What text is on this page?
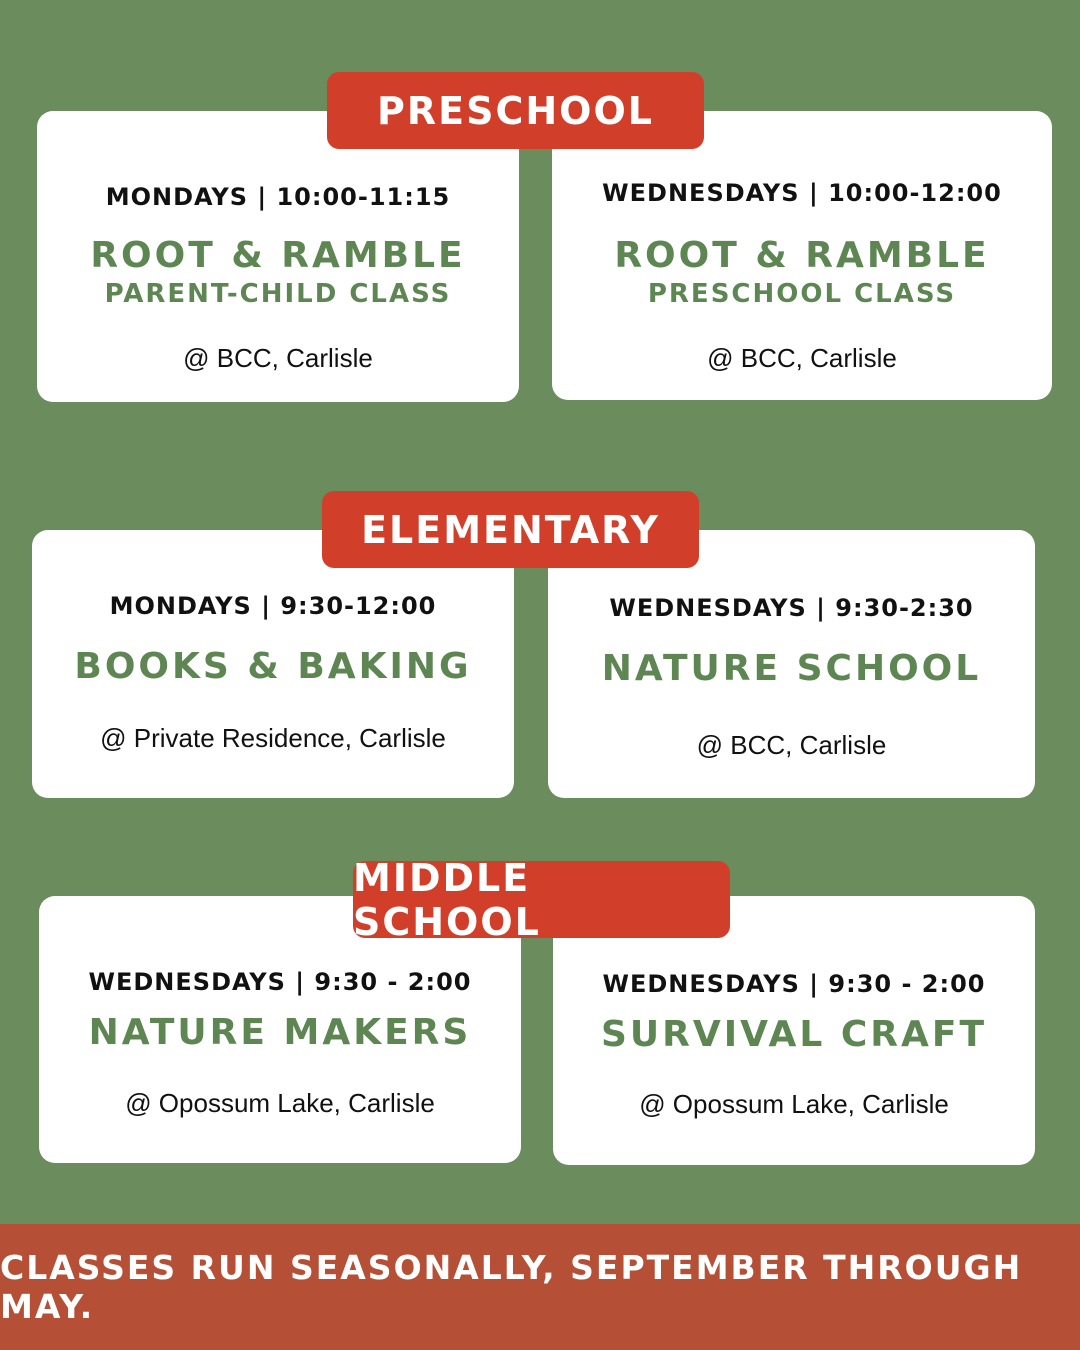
MONDAYS | 10:00-11:15
ROOT & RAMBLE
PARENT-CHILD CLASS
@ BCC, Carlisle
WEDNESDAYS | 10:00-12:00
ROOT & RAMBLE
PRESCHOOL CLASS
@ BCC, Carlisle
PRESCHOOL
MONDAYS | 9:30-12:00
BOOKS & BAKING
@ Private Residence, Carlisle
WEDNESDAYS | 9:30-2:30
NATURE SCHOOL
@ BCC, Carlisle
ELEMENTARY
WEDNESDAYS | 9:30 - 2:00
NATURE MAKERS
@ Opossum Lake, Carlisle
WEDNESDAYS | 9:30 - 2:00
SURVIVAL CRAFT
@ Opossum Lake, Carlisle
MIDDLE SCHOOL
CLASSES RUN SEASONALLY, SEPTEMBER THROUGH MAY.
